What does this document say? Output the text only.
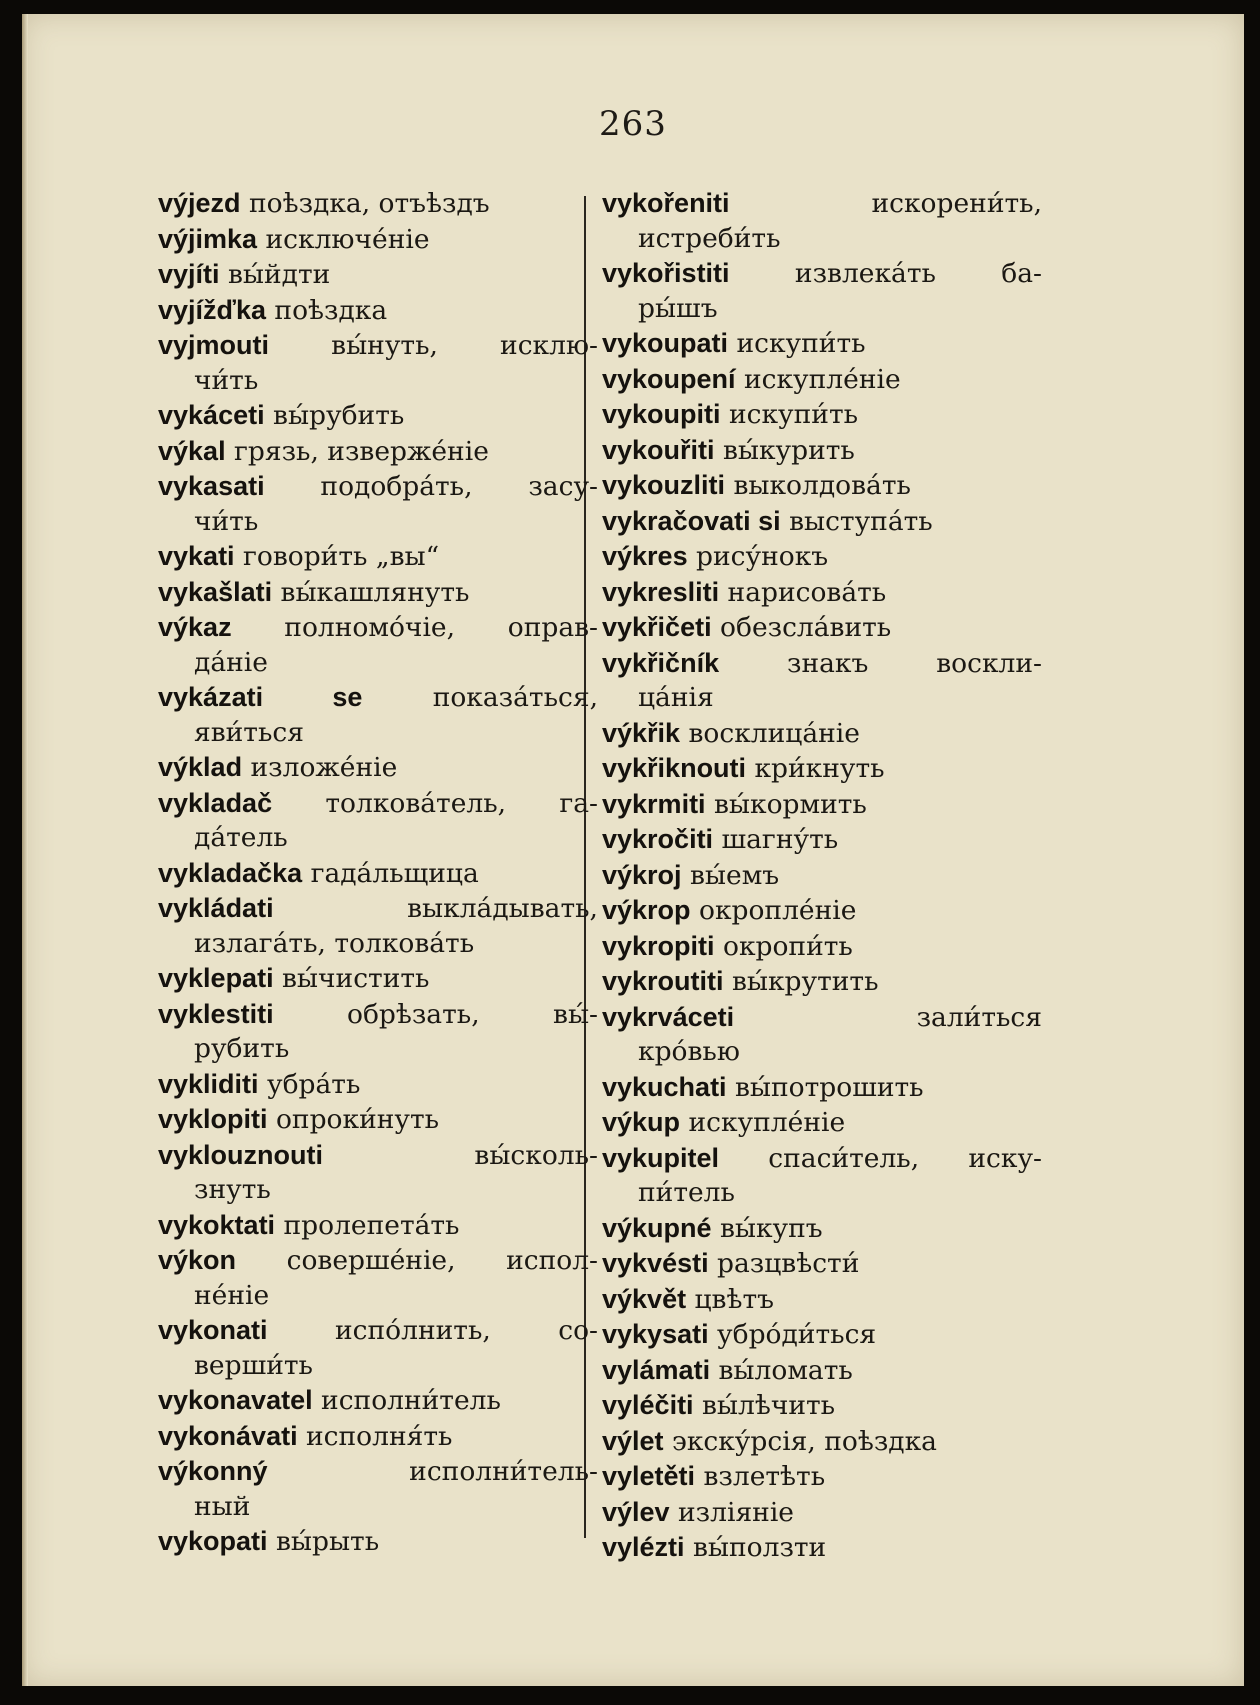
263
výjezd поѣздка, отъѣздъ
výjimka исключéніе
vyjíti вы́йдти
vyjížďka поѣздка
vyjmouti вы́нуть, исклю-
чи́ть
vykáceti вы́рубить
výkal грязь, извержéніе
vykasati подобрáть, засу-
чи́ть
vykati говори́ть „вы“
vykašlati вы́кашлянуть
výkaz полномóчіе, оправ-
дáніе
vykázati se	показáться,
яви́ться
výklad изложéніе
vykladač толковáтель, га-
дáтель
vykladačka гадáльщица
vykládati	выкла́дывать,
излагáть, толковáть
vyklepati вы́чистить
vyklestiti	обрѣзать, вы́-
рубить
vykliditi убрáть
vyklopiti опроки́нуть
vyklouznouti	вы́сколь-
знуть
vykoktati пролепетáть
výkon совершéніе, испол-
нéніе
vykonati	испóлнить, со-
верши́ть
vykonavatel исполни́тель
vykonávati исполня́ть
výkonný	исполни́тель-
ный
vykopati вы́рыть
vykořeniti	искорени́ть,
истреби́ть
vykořistiti извлекáть ба-
ры́шъ
vykoupati искупи́ть
vykoupení искуплéніе
vykoupiti искупи́ть
vykouřiti вы́курить
vykouzliti выколдовáть
vykračovati si выступáть
výkres рису́нокъ
vykresliti нарисовáть
vykřičeti обезслáвить
vykřičník	знакъ воскли-
цáнія
výkřik восклицáніе
vykřiknouti кри́кнуть
vykrmiti вы́кормить
vykročiti шагну́ть
výkroj вы́емъ
výkrop окроплéніе
vykropiti окропи́ть
vykroutiti вы́крутить
vykrváceti	зали́ться
крóвью
vykuchati вы́потрошить
výkup искуплéніе
vykupitel спаси́тель, иску-
пи́тель
výkupné вы́купъ
vykvésti разцвѣсти́
výkvět цвѣтъ
vykysati убрóди́ться
vylámati вы́ломать
vyléčiti вы́лѣчить
výlet экску́рсія, поѣздка
vyletěti взлетѣть
výlev изліяніе
vylézti вы́ползти
